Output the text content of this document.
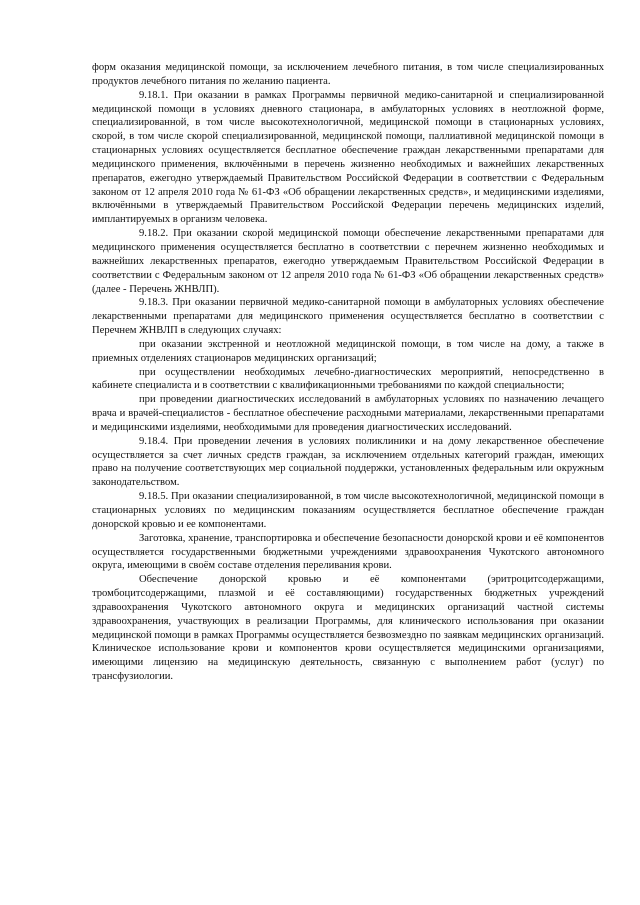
форм оказания медицинской помощи, за исключением лечебного питания, в том числе специализированных продуктов лечебного питания по желанию пациента.

9.18.1. При оказании в рамках Программы первичной медико-санитарной и специализированной медицинской помощи в условиях дневного стационара, в амбулаторных условиях в неотложной форме, специализированной, в том числе высокотехнологичной, медицинской помощи в стационарных условиях, скорой, в том числе скорой специализированной, медицинской помощи, паллиативной медицинской помощи в стационарных условиях осуществляется бесплатное обеспечение граждан лекарственными препаратами для медицинского применения, включёнными в перечень жизненно необходимых и важнейших лекарственных препаратов, ежегодно утверждаемый Правительством Российской Федерации в соответствии с Федеральным законом от 12 апреля 2010 года № 61-ФЗ «Об обращении лекарственных средств», и медицинскими изделиями, включёнными в утверждаемый Правительством Российской Федерации перечень медицинских изделий, имплантируемых в организм человека.

9.18.2. При оказании скорой медицинской помощи обеспечение лекарственными препаратами для медицинского применения осуществляется бесплатно в соответствии с перечнем жизненно необходимых и важнейших лекарственных препаратов, ежегодно утверждаемым Правительством Российской Федерации в соответствии с Федеральным законом от 12 апреля 2010 года № 61-ФЗ «Об обращении лекарственных средств» (далее - Перечень ЖНВЛП).

9.18.3. При оказании первичной медико-санитарной помощи в амбулаторных условиях обеспечение лекарственными препаратами для медицинского применения осуществляется бесплатно в соответствии с Перечнем ЖНВЛП в следующих случаях:

при оказании экстренной и неотложной медицинской помощи, в том числе на дому, а также в приемных отделениях стационаров медицинских организаций;

при осуществлении необходимых лечебно-диагностических мероприятий, непосредственно в кабинете специалиста и в соответствии с квалификационными требованиями по каждой специальности;

при проведении диагностических исследований в амбулаторных условиях по назначению лечащего врача и врачей-специалистов - бесплатное обеспечение расходными материалами, лекарственными препаратами и медицинскими изделиями, необходимыми для проведения диагностических исследований.

9.18.4. При проведении лечения в условиях поликлиники и на дому лекарственное обеспечение осуществляется за счет личных средств граждан, за исключением отдельных категорий граждан, имеющих право на получение соответствующих мер социальной поддержки, установленных федеральным или окружным законодательством.

9.18.5. При оказании специализированной, в том числе высокотехнологичной, медицинской помощи в стационарных условиях по медицинским показаниям осуществляется бесплатное обеспечение граждан донорской кровью и ее компонентами.

Заготовка, хранение, транспортировка и обеспечение безопасности донорской крови и её компонентов осуществляется государственными бюджетными учреждениями здравоохранения Чукотского автономного округа, имеющими в своём составе отделения переливания крови.

Обеспечение донорской кровью и её компонентами (эритроцитсодержащими, тромбоцитсодержащими, плазмой и её составляющими) государственных бюджетных учреждений здравоохранения Чукотского автономного округа и медицинских организаций частной системы здравоохранения, участвующих в реализации Программы, для клинического использования при оказании медицинской помощи в рамках Программы осуществляется безвозмездно по заявкам медицинских организаций. Клиническое использование крови и компонентов крови осуществляется медицинскими организациями, имеющими лицензию на медицинскую деятельность, связанную с выполнением работ (услуг) по трансфузиологии.
